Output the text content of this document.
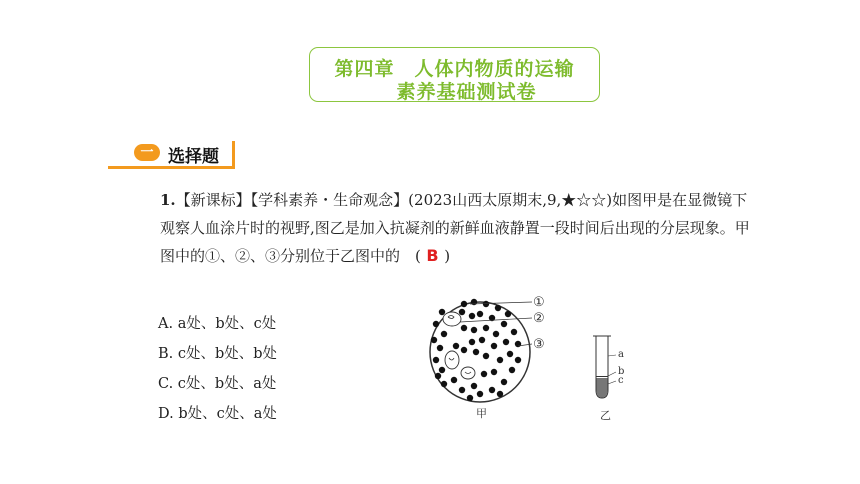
第四章　人体内物质的运输
素养基础测试卷
一 选择题
1.【新课标】【学科素养・生命观念】(2023山西太原期末,9,★☆☆)如图甲是在显微镜下观察人血涂片时的视野,图乙是加入抗凝剂的新鲜血液静置一段时间后出现的分层现象。甲图中的①、②、③分别位于乙图中的　( B )
A. a处、b处、c处
B. c处、b处、b处
C. c处、b处、a处
D. b处、c处、a处
①
②
③
甲
a
b
c
乙
